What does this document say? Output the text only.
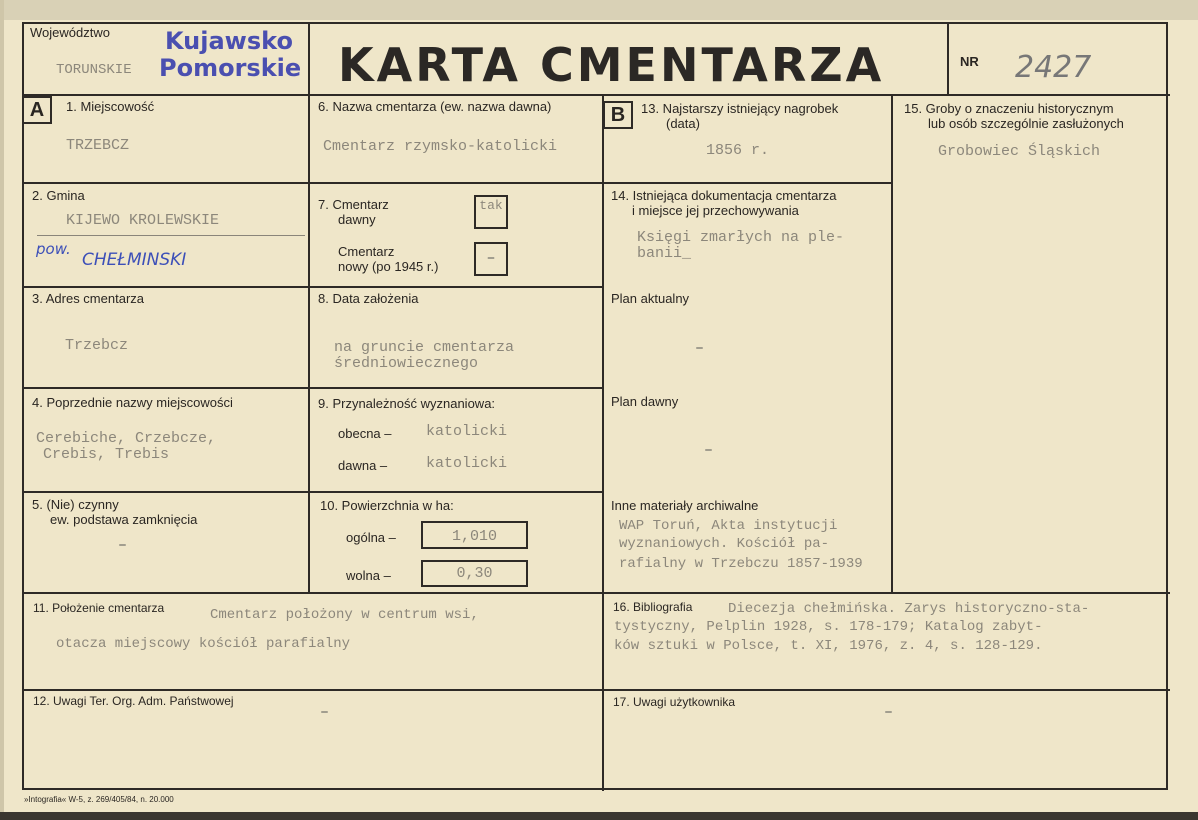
Województwo
TORUNSKIE
Kujawsko
Pomorskie KARTA CMENTARZA	NR 2427
A	1. Miejscowość
TRZEBCZ
2. Gmina
KIJEWO KROLEWSKIE
pow.
CHEŁMINSKI
3. Adres cmentarza
Trzebcz
4. Poprzednie nazwy miejscowości
Cerebiche, Crzebcze,
Crebis, Trebis
5. (Nie) czynny
ew. podstawa zamknięcia
–
6. Nazwa cmentarza (ew. nazwa dawna)
Cmentarz rzymsko-katolicki
7. Cmentarz
dawny
tak
Cmentarz
nowy (po 1945 r.)	–
8. Data założenia
na gruncie cmentarza
średniowiecznego
9. Przynależność wyznaniowa:
obecna – katolicki
dawna –	katolicki
10. Powierzchnia w ha:
ogólna –	1,010
wolna –	0,30
B	13. Najstarszy istniejący nagrobek
(data)
1856 r.
14. Istniejąca dokumentacja cmentarza
i miejsce jej przechowywania
Księgi zmarłych na ple-
banii_
Plan aktualny
–
Plan dawny
–
Inne materiały archiwalne
WAP Toruń, Akta instytucji
wyznaniowych. Kościół pa-
rafialny w Trzebczu 1857-1939
15. Groby o znaczeniu historycznym
lub osób szczególnie zasłużonych
Grobowiec Śląskich
11. Położenie cmentarza	Cmentarz położony w centrum wsi,
otacza miejscowy kościół parafialny
12. Uwagi Ter. Org. Adm. Państwowej
–
16. Bibliografia	Diecezja chełmińska. Zarys historyczno-sta-
tystyczny, Pelplin 1928, s. 178-179; Katalog zabyt-
ków sztuki w Polsce, t. XI, 1976, z. 4, s. 128-129.
17. Uwagi użytkownika
–
»Intografia« W-5, z. 269/405/84, n. 20.000
